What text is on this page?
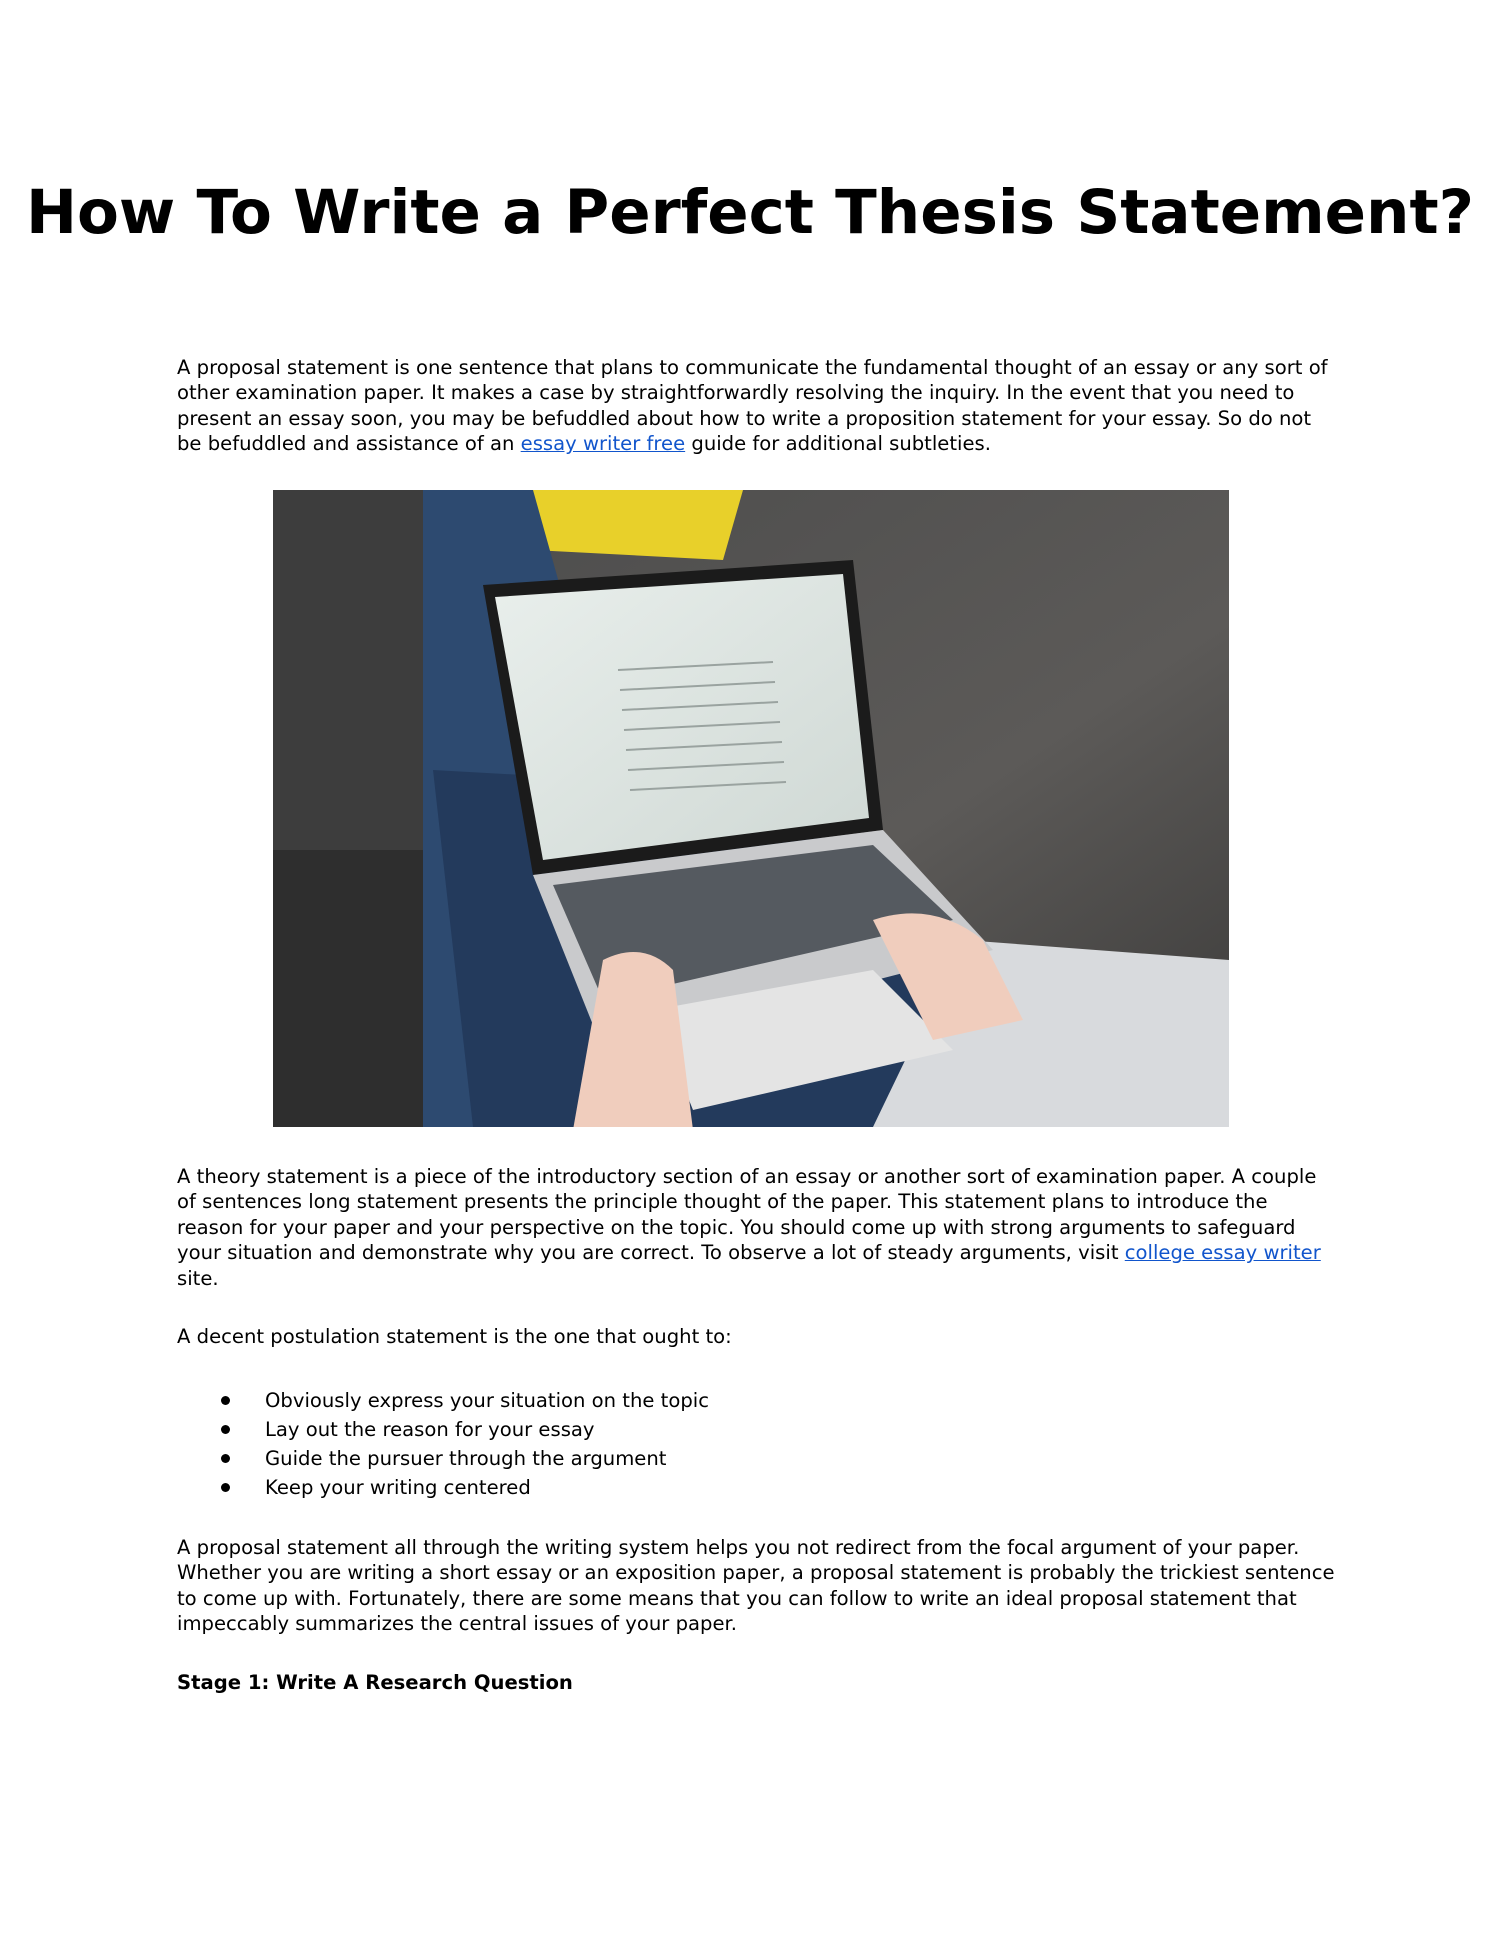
How To Write a Perfect Thesis Statement?

A proposal statement is one sentence that plans to communicate the fundamental thought of an essay or any sort of other examination paper. It makes a case by straightforwardly resolving the inquiry. In the event that you need to present an essay soon, you may be befuddled about how to write a proposition statement for your essay. So do not be befuddled and assistance of an essay writer free guide for additional subtleties.

A theory statement is a piece of the introductory section of an essay or another sort of examination paper. A couple of sentences long statement presents the principle thought of the paper. This statement plans to introduce the reason for your paper and your perspective on the topic. You should come up with strong arguments to safeguard your situation and demonstrate why you are correct. To observe a lot of steady arguments, visit college essay writer site.

A decent postulation statement is the one that ought to:

Obviously express your situation on the topic
Lay out the reason for your essay
Guide the pursuer through the argument
Keep your writing centered

A proposal statement all through the writing system helps you not redirect from the focal argument of your paper. Whether you are writing a short essay or an exposition paper, a proposal statement is probably the trickiest sentence to come up with. Fortunately, there are some means that you can follow to write an ideal proposal statement that impeccably summarizes the central issues of your paper.

Stage 1: Write A Research Question
